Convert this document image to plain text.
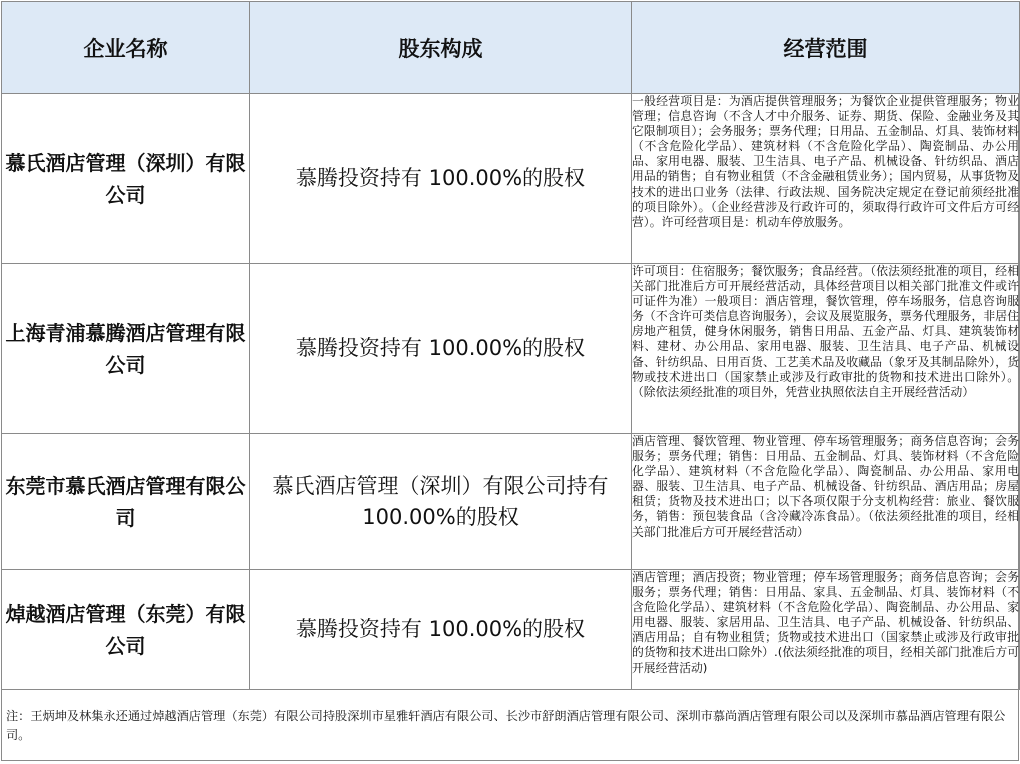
企业名称	股东构成	经营范围
慕氏酒店管理（深圳）有限公司	慕腾投资持有 100.00%的股权	一般经营项目是：为酒店提供管理服务；为餐饮企业提供管理服务；物业管理；信息咨询（不含人才中介服务、证券、期货、保险、金融业务及其它限制项目）；会务服务；票务代理；日用品、五金制品、灯具、装饰材料（不含危险化学品）、建筑材料（不含危险化学品）、陶瓷制品、办公用品、家用电器、服装、卫生洁具、电子产品、机械设备、针纺织品、酒店用品的销售；自有物业租赁（不含金融租赁业务）；国内贸易，从事货物及技术的进出口业务（法律、行政法规、国务院决定规定在登记前须经批准的项目除外）。（企业经营涉及行政许可的，须取得行政许可文件后方可经营）。许可经营项目是：机动车停放服务。
上海青浦慕腾酒店管理有限公司	慕腾投资持有 100.00%的股权	许可项目：住宿服务；餐饮服务；食品经营。（依法须经批准的项目，经相关部门批准后方可开展经营活动，具体经营项目以相关部门批准文件或许可证件为准）一般项目：酒店管理，餐饮管理，停车场服务，信息咨询服务（不含许可类信息咨询服务），会议及展览服务，票务代理服务，非居住房地产租赁，健身休闲服务，销售日用品、五金产品、灯具、建筑装饰材料、建材、办公用品、家用电器、服装、卫生洁具、电子产品、机械设备、针纺织品、日用百货、工艺美术品及收藏品（象牙及其制品除外），货物或技术进出口（国家禁止或涉及行政审批的货物和技术进出口除外）。（除依法须经批准的项目外，凭营业执照依法自主开展经营活动）
东莞市慕氏酒店管理有限公司	慕氏酒店管理（深圳）有限公司持有 100.00%的股权	酒店管理、餐饮管理、物业管理、停车场管理服务；商务信息咨询；会务服务；票务代理；销售：日用品、五金制品、灯具、装饰材料（不含危险化学品）、建筑材料（不含危险化学品）、陶瓷制品、办公用品、家用电器、服装、卫生洁具、电子产品、机械设备、针纺织品、酒店用品；房屋租赁；货物及技术进出口；以下各项仅限于分支机构经营：旅业、餐饮服务，销售：预包装食品（含冷藏冷冻食品）。（依法须经批准的项目，经相关部门批准后方可开展经营活动）
焯越酒店管理（东莞）有限公司	慕腾投资持有 100.00%的股权	酒店管理；酒店投资；物业管理；停车场管理服务；商务信息咨询；会务服务；票务代理；销售：日用品、家具、五金制品、灯具、装饰材料（不含危险化学品）、建筑材料（不含危险化学品）、陶瓷制品、办公用品、家用电器、服装、家居用品、卫生洁具、电子产品、机械设备、针纺织品、酒店用品；自有物业租赁；货物或技术进出口（国家禁止或涉及行政审批的货物和技术进出口除外）.(依法须经批准的项目，经相关部门批准后方可开展经营活动)
注：王炳坤及林集永还通过焯越酒店管理（东莞）有限公司持股深圳市星雅轩酒店有限公司、长沙市舒朗酒店管理有限公司、深圳市慕尚酒店管理有限公司以及深圳市慕品酒店管理有限公司。
